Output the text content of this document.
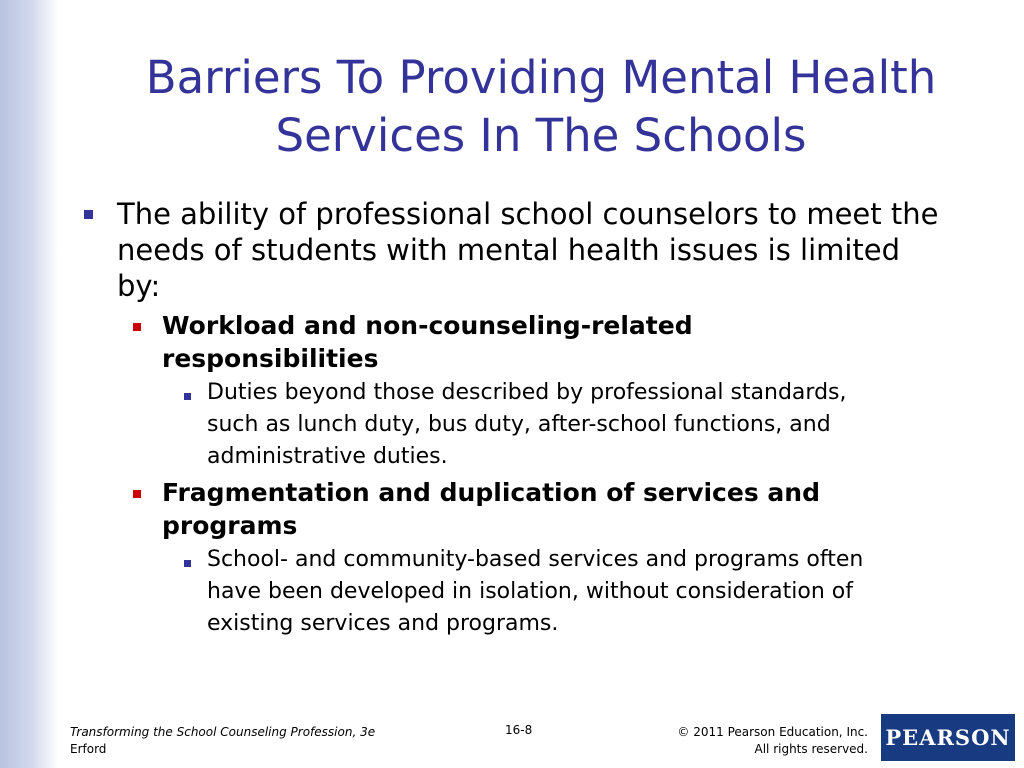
Barriers To Providing Mental Health
Services In The Schools
The ability of professional school counselors to meet the
needs of students with mental health issues is limited
by:
Workload and non-counseling-related
responsibilities
Duties beyond those described by professional standards,
such as lunch duty, bus duty, after-school functions, and
administrative duties.
Fragmentation and duplication of services and
programs
School- and community-based services and programs often
have been developed in isolation, without consideration of
existing services and programs.
Transforming the School Counseling Profession, 3e
Erford
16-8	© 2011 Pearson Education, Inc.
All rights reserved. PEARSON
